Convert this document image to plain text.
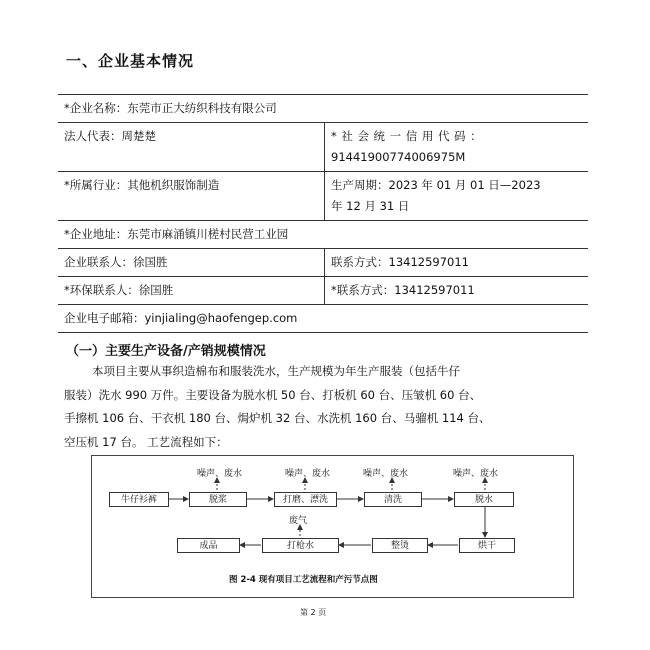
一、企业基本情况
*企业名称：东莞市正大纺织科技有限公司	
法人代表：周楚楚	*社会统一信用代码：
91441900774006975M

*所属行业：其他机织服饰制造	生产周期：2023 年 01 月 01 日—2023
年 12 月 31 日

*企业地址：东莞市麻涌镇川槎村民营工业园	
企业联系人：徐国胜	联系方式：13412597011
*环保联系人：徐国胜	*联系方式：13412597011
企业电子邮箱：yinjialing@haofengep.com	
（一）主要生产设备/产销规模情况

本项目主要从事织造棉布和服装洗水，生产规模为年生产服装（包括牛仔

服装）洗水 990 万件。主要设备为脱水机 50 台、打板机 60 台、压皱机 60 台、

手擦机 106 台、干衣机 180 台、焗炉机 32 台、水洗机 160 台、马骝机 114 台、

空压机 17 台。 工艺流程如下：

噪声、废水	噪声、废水	噪声、废水	噪声、废水
废气
牛仔衫裤	脱浆	打磨、漂洗	清洗	脱水
成品	打枪水	整烫	烘干
图 2-4 现有项目工艺流程和产污节点图
第 2 页
